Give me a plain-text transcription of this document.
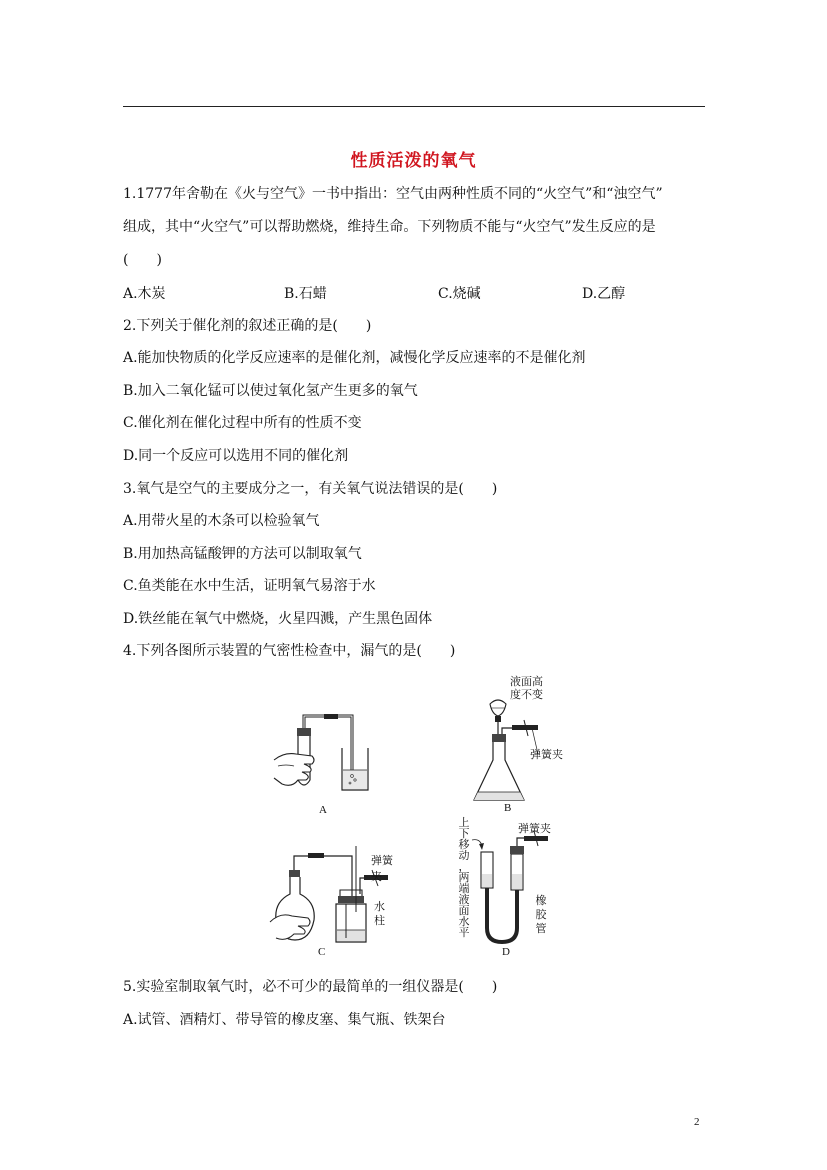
性质活泼的氧气
1.1777年舍勒在《火与空气》一书中指出：空气由两种性质不同的“火空气”和“浊空气”
组成，其中“火空气”可以帮助燃烧，维持生命。下列物质不能与“火空气”发生反应的是
(　　)
A.木炭	B.石蜡	C.烧碱	D.乙醇
2.下列关于催化剂的叙述正确的是(　　)
A.能加快物质的化学反应速率的是催化剂，减慢化学反应速率的不是催化剂
B.加入二氧化锰可以使过氧化氢产生更多的氧气
C.催化剂在催化过程中所有的性质不变
D.同一个反应可以选用不同的催化剂
3.氧气是空气的主要成分之一，有关氧气说法错误的是(　　)
A.用带火星的木条可以检验氧气
B.用加热高锰酸钾的方法可以制取氧气
C.鱼类能在水中生活，证明氧气易溶于水
D.铁丝能在氧气中燃烧，火星四溅，产生黑色固体
4.下列各图所示装置的气密性检查中，漏气的是(　　)
A
液面高
度不变
弹簧夹
B
弹簧夹
水
柱
C
上
下
移
动
，
两
端
液
面
水
平
弹簧夹
橡
胶
管
D
5.实验室制取氧气时，必不可少的最简单的一组仪器是(　　)
A.试管、酒精灯、带导管的橡皮塞、集气瓶、铁架台
2
